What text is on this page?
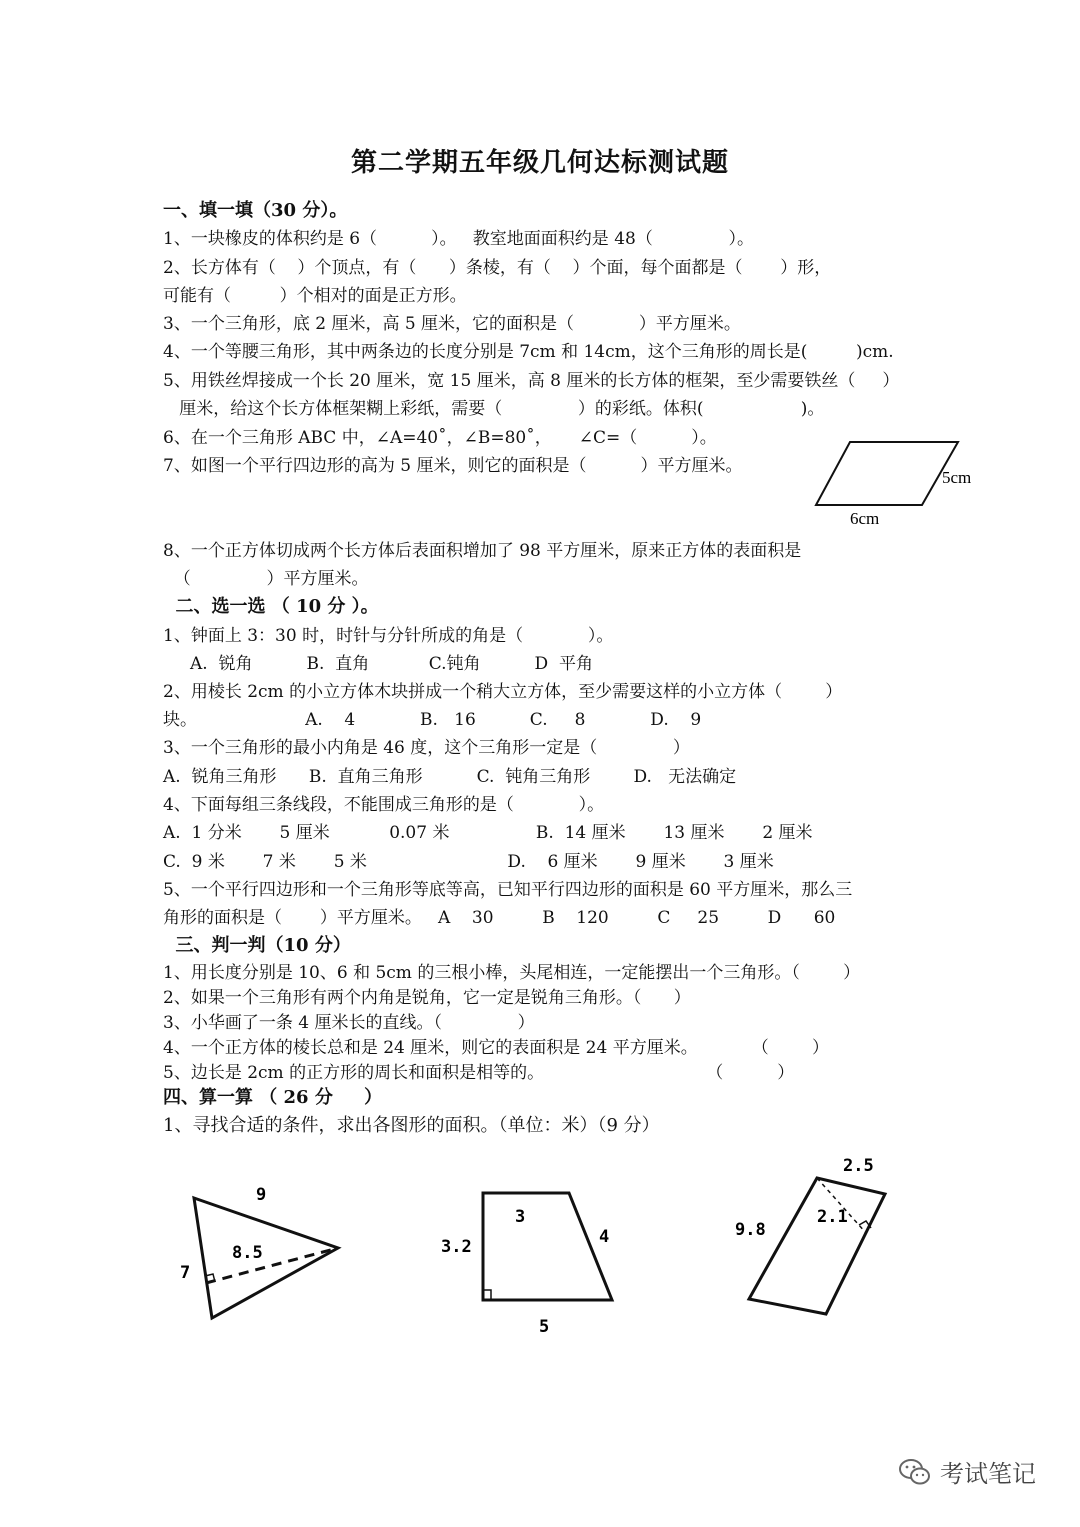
第二学期五年级几何达标测试题
一、填一填（30 分）。
1、一块橡皮的体积约是 6（          ）。   教室地面面积约是 48（              ）。
2、长方体有（    ）个顶点，有（      ）条棱，有（    ）个面，每个面都是（       ）形，
可能有（         ）个相对的面是正方形。
3、一个三角形，底 2 厘米，高 5 厘米，它的面积是（            ）平方厘米。
4、一个等腰三角形，其中两条边的长度分别是 7cm 和 14cm，这个三角形的周长是(         )cm.
5、用铁丝焊接成一个长 20 厘米，宽 15 厘米，高 8 厘米的长方体的框架，至少需要铁丝（     ）
厘米，给这个长方体框架糊上彩纸，需要（              ）的彩纸。体积(                  )。
6、在一个三角形 ABC 中，∠A=40˚，∠B=80˚，     ∠C=（          ）。
7、如图一个平行四边形的高为 5 厘米，则它的面积是（          ）平方厘米。
5cm
6cm
8、一个正方体切成两个长方体后表面积增加了 98 平方厘米，原来正方体的表面积是
（              ）平方厘米。
二、选一选 （ 10 分 ）。
1、钟面上 3：30 时，时针与分针所成的角是（            ）。
A.  锐角          B.  直角           C.钝角          D  平角
2、用棱长 2cm 的小立方体木块拼成一个稍大立方体，至少需要这样的小立方体（        ）
块。                    A.    4            B.   16          C.     8            D.    9
3、一个三角形的最小内角是 46 度，这个三角形一定是（              ）
A.  锐角三角形      B.  直角三角形          C.  钝角三角形        D.   无法确定
4、下面每组三条线段，不能围成三角形的是（            ）。
A.  1 分米       5 厘米           0.07 米                B.  14 厘米       13 厘米       2 厘米
C.  9 米       7 米       5 米                          D.    6 厘米       9 厘米       3 厘米
5、一个平行四边形和一个三角形等底等高，已知平行四边形的面积是 60 平方厘米，那么三
角形的面积是（       ）平方厘米。   A    30         B    120         C     25         D      60
三、判一判（10 分）
1、用长度分别是 10、6 和 5cm 的三根小棒，头尾相连，一定能摆出一个三角形。（        ）
2、如果一个三角形有两个内角是锐角，它一定是锐角三角形。（      ）
3、小华画了一条 4 厘米长的直线。（              ）
4、一个正方体的棱长总和是 24 厘米，则它的表面积是 24 平方厘米。          （        ）
5、边长是 2cm 的正方形的周长和面积是相等的。                              （          ）
四、算一算 （ 26 分     ）
1、寻找合适的条件，求出各图形的面积。（单位：米）（9 分）
9
8.5
7
3
3.2	4
5
2.5
2.1
9.8
考试笔记
